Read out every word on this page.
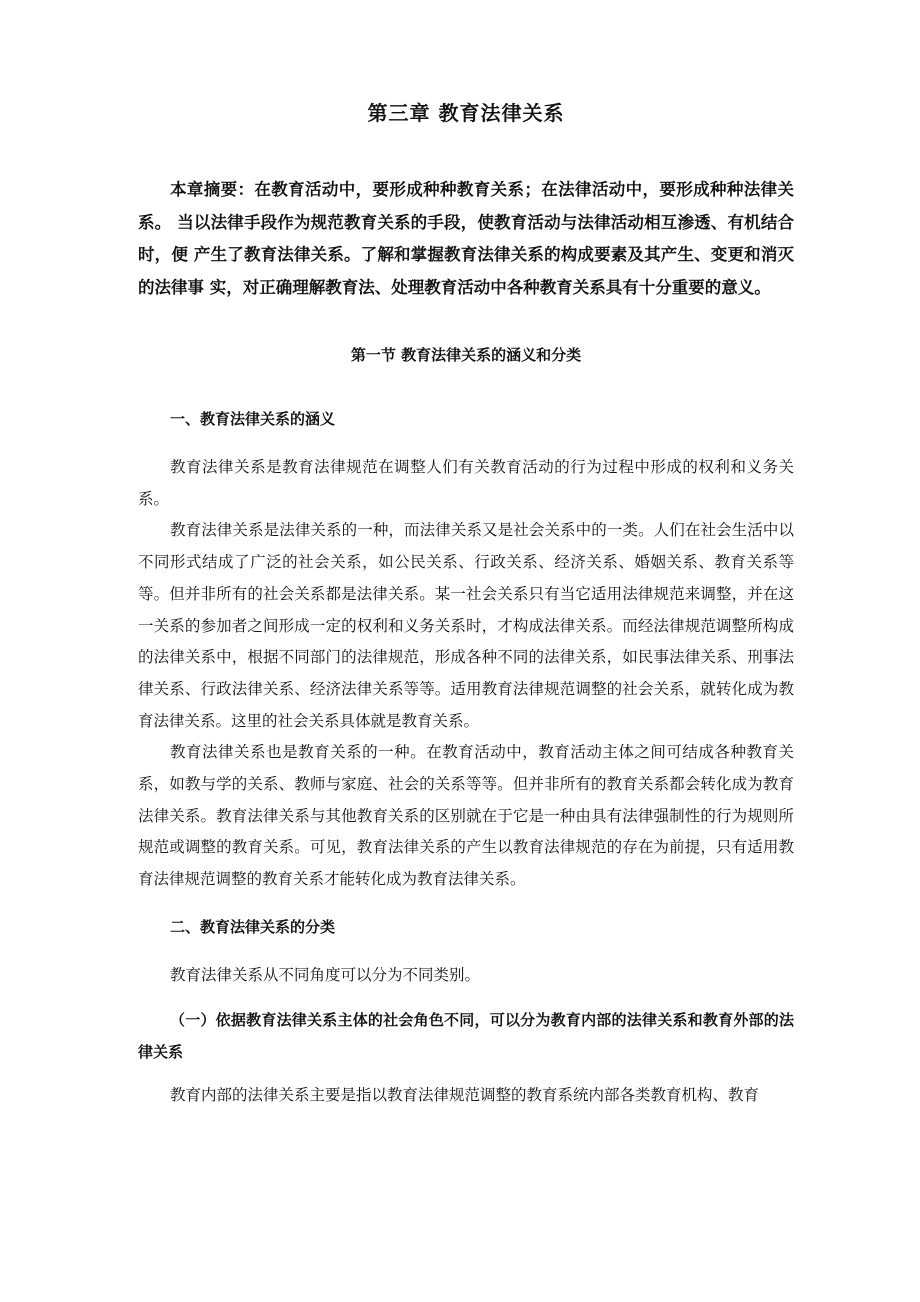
第三章 教育法律关系

本章摘要：在教育活动中，要形成种种教育关系；在法律活动中，要形成种种法律关系。 当以法律手段作为规范教育关系的手段，使教育活动与法律活动相互渗透、有机结合时，便 产生了教育法律关系。了解和掌握教育法律关系的构成要素及其产生、变更和消灭的法律事 实，对正确理解教育法、处理教育活动中各种教育关系具有十分重要的意义。

第一节 教育法律关系的涵义和分类
一、教育法律关系的涵义

教育法律关系是教育法律规范在调整人们有关教育活动的行为过程中形成的权利和义务关系。

教育法律关系是法律关系的一种，而法律关系又是社会关系中的一类。人们在社会生活中以不同形式结成了广泛的社会关系，如公民关系、行政关系、经济关系、婚姻关系、教育关系等等。但并非所有的社会关系都是法律关系。某一社会关系只有当它适用法律规范来调整，并在这一关系的参加者之间形成一定的权利和义务关系时，才构成法律关系。而经法律规范调整所构成的法律关系中，根据不同部门的法律规范，形成各种不同的法律关系，如民事法律关系、刑事法律关系、行政法律关系、经济法律关系等等。适用教育法律规范调整的社会关系，就转化成为教育法律关系。这里的社会关系具体就是教育关系。

教育法律关系也是教育关系的一种。在教育活动中，教育活动主体之间可结成各种教育关系，如教与学的关系、教师与家庭、社会的关系等等。但并非所有的教育关系都会转化成为教育法律关系。教育法律关系与其他教育关系的区别就在于它是一种由具有法律强制性的行为规则所规范或调整的教育关系。可见，教育法律关系的产生以教育法律规范的存在为前提，只有适用教育法律规范调整的教育关系才能转化成为教育法律关系。

二、教育法律关系的分类

教育法律关系从不同角度可以分为不同类别。

（一）依据教育法律关系主体的社会角色不同，可以分为教育内部的法律关系和教育外部的法律关系

教育内部的法律关系主要是指以教育法律规范调整的教育系统内部各类教育机构、教育
